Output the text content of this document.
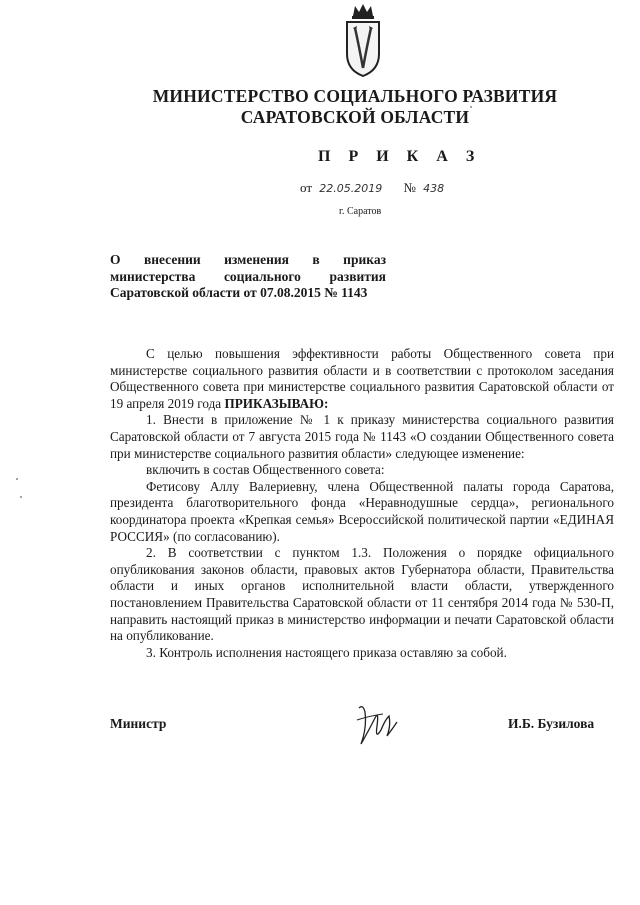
МИНИСТЕРСТВО СОЦИАЛЬНОГО РАЗВИТИЯ
САРАТОВСКОЙ ОБЛАСТИ
П Р И К А З
от 22.05.2019 № 438
г. Саратов
О внесении изменения в приказ министерства социального развития Саратовской области от 07.08.2015 № 1143

С целью повышения эффективности работы Общественного совета при министерстве социального развития области и в соответствии с протоколом заседания Общественного совета при министерстве социального развития Саратовской области от 19 апреля 2019 года ПРИКАЗЫВАЮ:

1. Внести в приложение № 1 к приказу министерства социального развития Саратовской области от 7 августа 2015 года № 1143 «О создании Общественного совета при министерстве социального развития области» следующее изменение:

включить в состав Общественного совета:

Фетисову Аллу Валериевну, члена Общественной палаты города Саратова, президента благотворительного фонда «Неравнодушные сердца», регионального координатора проекта «Крепкая семья» Всероссийской политической партии «ЕДИНАЯ РОССИЯ» (по согласованию).

2. В соответствии с пунктом 1.3. Положения о порядке официального опубликования законов области, правовых актов Губернатора области, Правительства области и иных органов исполнительной власти области, утвержденного постановлением Правительства Саратовской области от 11 сентября 2014 года № 530-П, направить настоящий приказ в министерство информации и печати Саратовской области на опубликование.

3. Контроль исполнения настоящего приказа оставляю за собой.

Министр	И.Б. Бузилова
